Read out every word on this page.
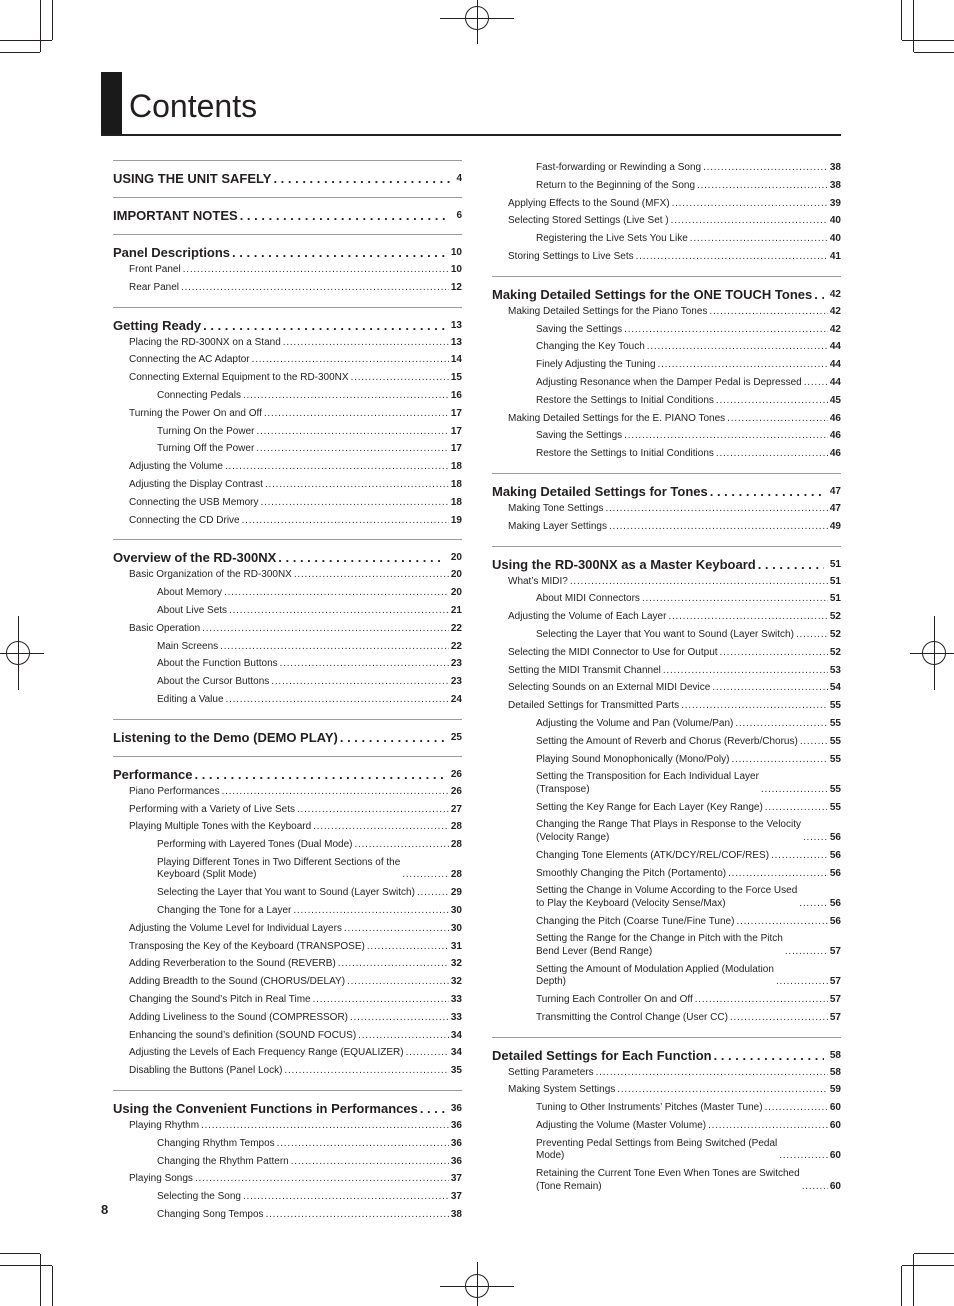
Contents
USING THE UNIT SAFELY . . .	4
IMPORTANT NOTES . . .	6
Panel Descriptions . . .	10
Front Panel . . .	10
Rear Panel . . .	12
Getting Ready . . .	13
Placing the RD-300NX on a Stand . . .	13
Connecting the AC Adaptor . . .	14
Connecting External Equipment to the RD-300NX . . .	15
Connecting Pedals . . .	16
Turning the Power On and Off . . .	17
Turning On the Power . . .	17
Turning Off the Power . . .	17
Adjusting the Volume . . .	18
Adjusting the Display Contrast . . .	18
Connecting the USB Memory . . .	18
Connecting the CD Drive . . .	19
Overview of the RD-300NX . . .	20
Basic Organization of the RD-300NX . . .	20
About Memory . . .	20
About Live Sets . . .	21
Basic Operation . . .	22
Main Screens . . .	22
About the Function Buttons . . .	23
About the Cursor Buttons . . .	23
Editing a Value . . .	24
Listening to the Demo (DEMO PLAY) . . .	25
Performance . . .	26
Piano Performances . . .	26
Performing with a Variety of Live Sets . . .	27
Playing Multiple Tones with the Keyboard . . .	28
Performing with Layered Tones (Dual Mode) . . .	28
Playing Different Tones in Two Different Sections of the
Keyboard (Split Mode) . . .	28
Selecting the Layer that You want to Sound (Layer Switch) . . .	29
Changing the Tone for a Layer . . .	30
Adjusting the Volume Level for Individual Layers . . .	30
Transposing the Key of the Keyboard (TRANSPOSE) . . .	31
Adding Reverberation to the Sound (REVERB) . . .	32
Adding Breadth to the Sound (CHORUS/DELAY) . . .	32
Changing the Sound’s Pitch in Real Time . . .	33
Adding Liveliness to the Sound (COMPRESSOR) . . .	33
Enhancing the sound’s definition (SOUND FOCUS) . . .	34
Adjusting the Levels of Each Frequency Range (EQUALIZER) . . .	34
Disabling the Buttons (Panel Lock) . . .	35
Using the Convenient Functions in Performances . . .	36
Playing Rhythm . . .	36
Changing Rhythm Tempos . . .	36
Changing the Rhythm Pattern . . .	36
Playing Songs . . .	37
Selecting the Song . . .	37
Changing Song Tempos . . .	38
Fast-forwarding or Rewinding a Song . . .	38
Return to the Beginning of the Song . . .	38
Applying Effects to the Sound (MFX) . . .	39
Selecting Stored Settings (Live Set ) . . .	40
Registering the Live Sets You Like . . .	40
Storing Settings to Live Sets . . .	41
Making Detailed Settings for the ONE TOUCH Tones . . .	42
Making Detailed Settings for the Piano Tones . . .	42
Saving the Settings . . .	42
Changing the Key Touch . . .	44
Finely Adjusting the Tuning . . .	44
Adjusting Resonance when the Damper Pedal is Depressed . . .	44
Restore the Settings to Initial Conditions . . .	45
Making Detailed Settings for the E. PIANO Tones . . .	46
Saving the Settings . . .	46
Restore the Settings to Initial Conditions . . .	46
Making Detailed Settings for Tones . . .	47
Making Tone Settings . . .	47
Making Layer Settings . . .	49
Using the RD-300NX as a Master Keyboard . . .	51
What’s MIDI? . . .	51
About MIDI Connectors . . .	51
Adjusting the Volume of Each Layer . . .	52
Selecting the Layer that You want to Sound (Layer Switch) . . .	52
Selecting the MIDI Connector to Use for Output . . .	52
Setting the MIDI Transmit Channel . . .	53
Selecting Sounds on an External MIDI Device . . .	54
Detailed Settings for Transmitted Parts . . .	55
Adjusting the Volume and Pan (Volume/Pan) . . .	55
Setting the Amount of Reverb and Chorus (Reverb/Chorus) . . .	55
Playing Sound Monophonically (Mono/Poly) . . .	55
Setting the Transposition for Each Individual Layer
(Transpose) . . .	55
Setting the Key Range for Each Layer (Key Range) . . .	55
Changing the Range That Plays in Response to the Velocity
(Velocity Range) . . .	56
Changing Tone Elements (ATK/DCY/REL/COF/RES) . . .	56
Smoothly Changing the Pitch (Portamento) . . .	56
Setting the Change in Volume According to the Force Used
to Play the Keyboard (Velocity Sense/Max) . . .	56
Changing the Pitch (Coarse Tune/Fine Tune) . . .	56
Setting the Range for the Change in Pitch with the Pitch
Bend Lever (Bend Range) . . .	57
Setting the Amount of Modulation Applied (Modulation
Depth) . . .	57
Turning Each Controller On and Off . . .	57
Transmitting the Control Change (User CC) . . .	57
Detailed Settings for Each Function . . .	58
Setting Parameters . . .	58
Making System Settings . . .	59
Tuning to Other Instruments’ Pitches (Master Tune) . . .	60
Adjusting the Volume (Master Volume) . . .	60
Preventing Pedal Settings from Being Switched (Pedal
Mode) . . .	60
Retaining the Current Tone Even When Tones are Switched
(Tone Remain) . . .	60
8
